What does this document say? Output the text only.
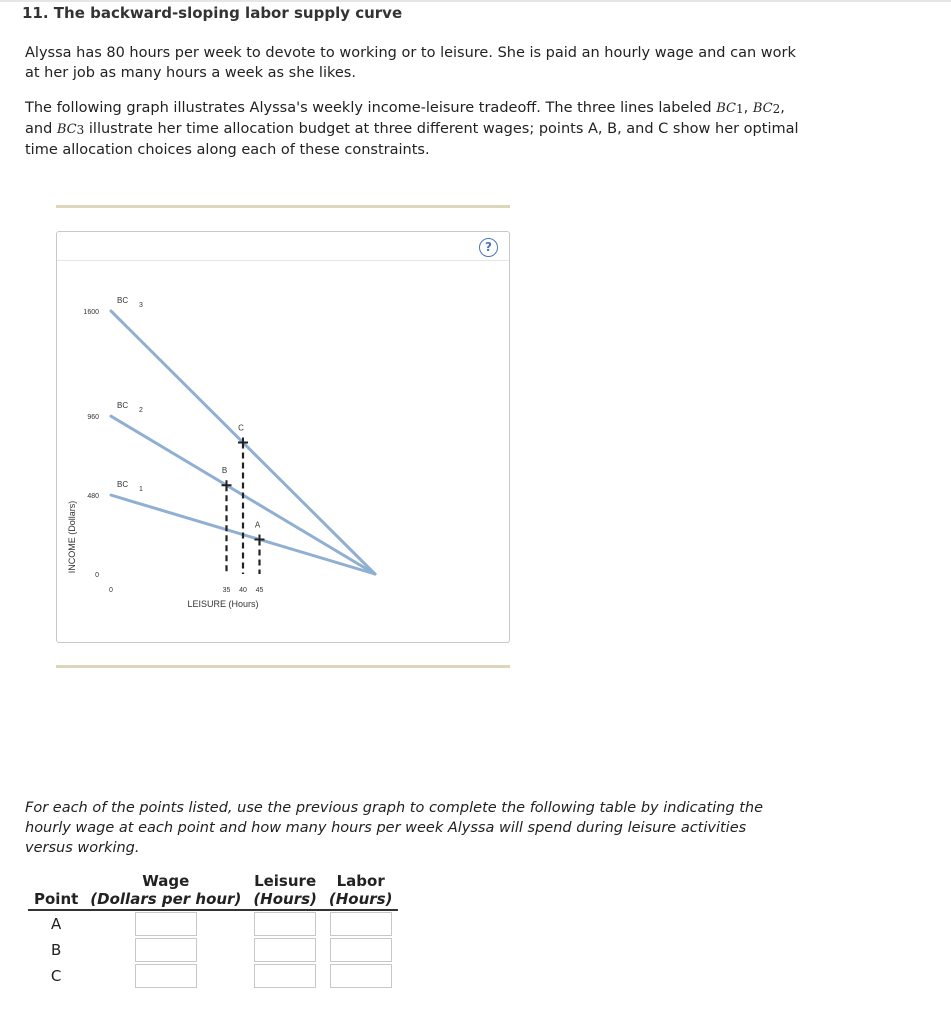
11. The backward-sloping labor supply curve

Alyssa has 80 hours per week to devote to working or to leisure. She is paid an hourly wage and can work at her job as many hours a week as she likes.

The following graph illustrates Alyssa's weekly income-leisure tradeoff. The three lines labeled $BC_1$, $BC_2$, and $BC_3$ illustrate her time allocation budget at three different wages; points A, B, and C show her optimal time allocation choices along each of these constraints.

?
INCOME (Dollars)
LEISURE (Hours)
0
480
960
1600
0	35 40 45
BC
1
BC
2
BC
3
A
B
C

For each of the points listed, use the previous graph to complete the following table by indicating the hourly wage at each point and how many hours per week Alyssa will spend during leisure activities versus working.

	Wage	Leisure	Labor
Point	(Dollars per hour)	(Hours)	(Hours)
A			
B			
C			
